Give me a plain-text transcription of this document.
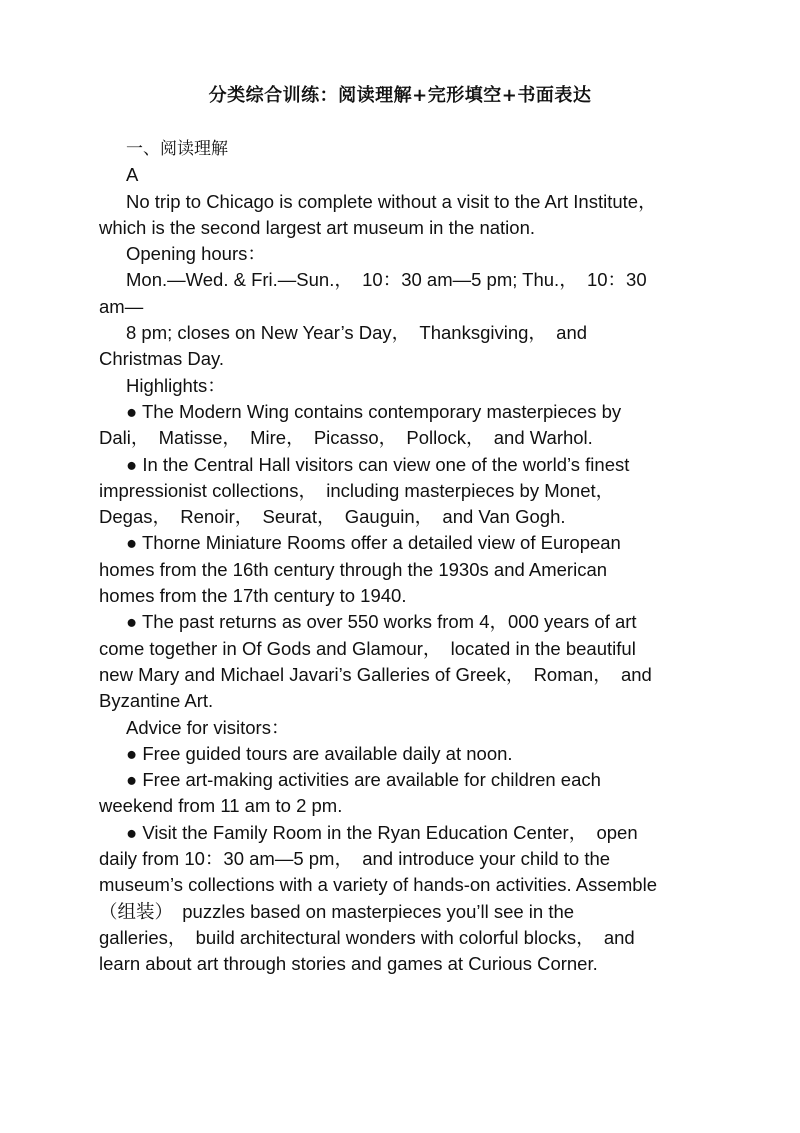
分类综合训练：阅读理解+完形填空+书面表达
一、阅读理解
A
No trip to Chicago is complete without a visit to the Art Institute，
which is the second largest art museum in the nation.
Opening hours：
Mon.—Wed. & Fri.—Sun.，　10：30 am—5 pm; Thu.，　10：30
am—
8 pm; closes on New Year’s Day，　Thanksgiving，　and
Christmas Day.
Highlights：
● The Modern Wing contains contemporary masterpieces by
Dali，　Matisse，　Mire，　Picasso，　Pollock，　and Warhol.
● In the Central Hall visitors can view one of the world’s finest
impressionist collections，　including masterpieces by Monet，
Degas，　Renoir，　Seurat，　Gauguin，　and Van Gogh.
● Thorne Miniature Rooms offer a detailed view of European
homes from the 16th century through the 1930s and American
homes from the 17th century to 1940.
● The past returns as over 550 works from 4，000 years of art
come together in Of Gods and Glamour，　located in the beautiful
new Mary and Michael Javari’s Galleries of Greek，　Roman，　and
Byzantine Art.
Advice for visitors：
● Free guided tours are available daily at noon.
● Free art-making activities are available for children each
weekend from 11 am to 2 pm.
● Visit the Family Room in the Ryan Education Center，　open
daily from 10：30 am—5 pm，　and introduce your child to the
museum’s collections with a variety of hands-on activities. Assemble
（组装）　puzzles based on masterpieces you’ll see in the
galleries，　build architectural wonders with colorful blocks，　and
learn about art through stories and games at Curious Corner.
